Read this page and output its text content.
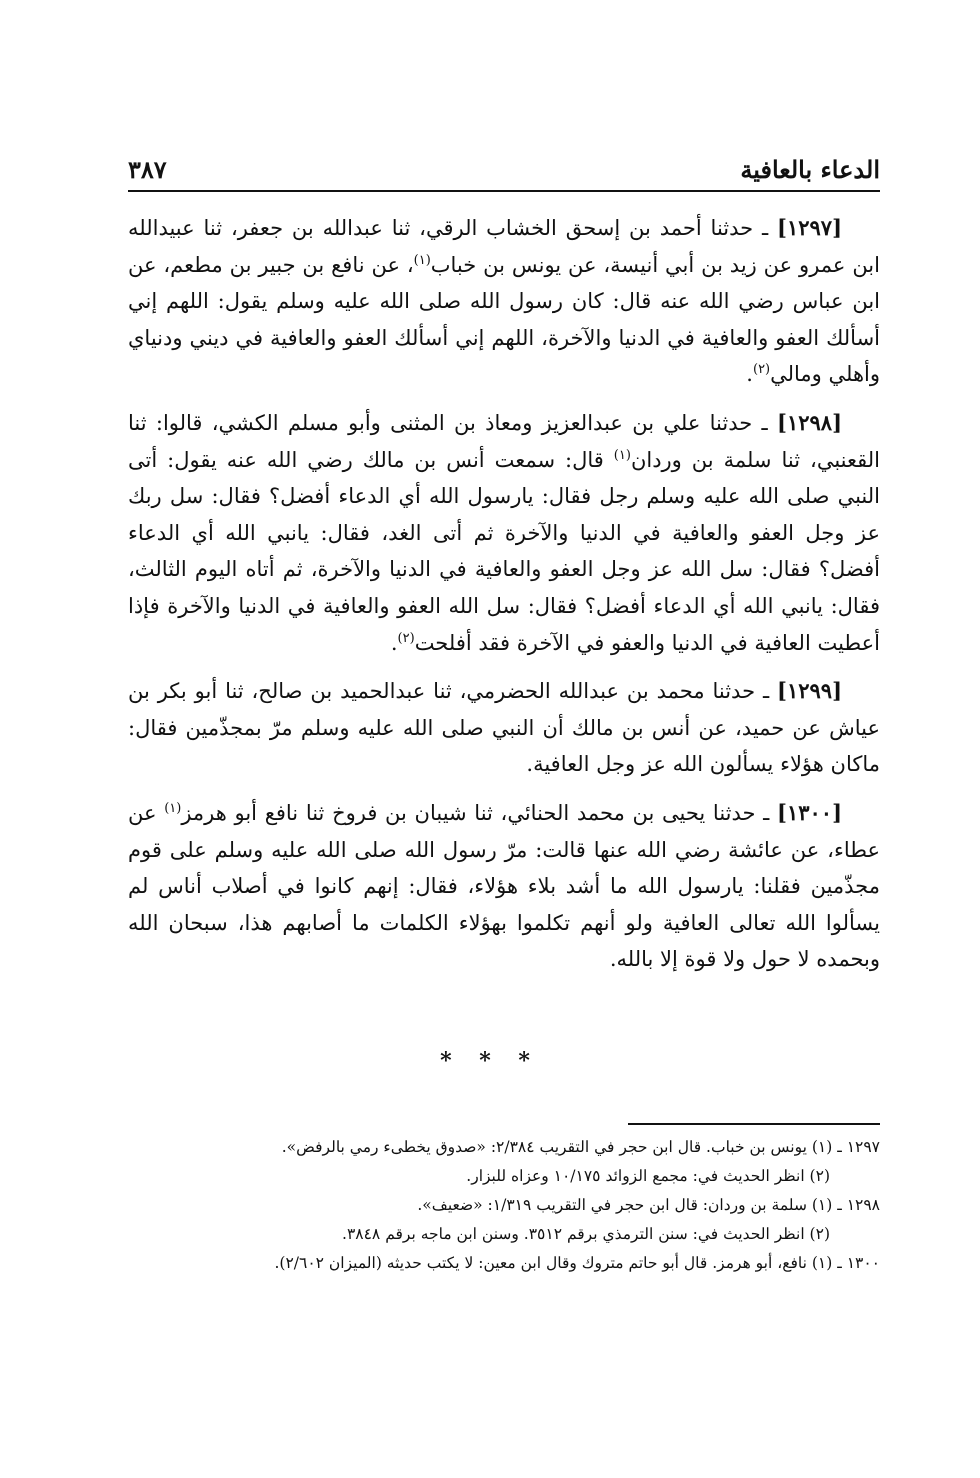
الدعاء بالعافية
٣٨٧

[١٢٩٧] ـ حدثنا أحمد بن إسحق الخشاب الرقي، ثنا عبدالله بن جعفر، ثنا عبيدالله ابن عمرو عن زيد بن أبي أنيسة، عن يونس بن خباب$^{(١)}$، عن نافع بن جبير بن مطعم، عن ابن عباس رضي الله عنه قال: كان رسول الله صلى الله عليه وسلم يقول: اللهم إني أسألك العفو والعافية في الدنيا والآخرة، اللهم إني أسألك العفو والعافية في ديني ودنياي وأهلي ومالي$^{(٢)}$.

[١٢٩٨] ـ حدثنا علي بن عبدالعزيز ومعاذ بن المثنى وأبو مسلم الكشي، قالوا: ثنا القعنبي، ثنا سلمة بن وردان$^{(١)}$ قال: سمعت أنس بن مالك رضي الله عنه يقول: أتى النبي صلى الله عليه وسلم رجل فقال: يارسول الله أي الدعاء أفضل؟ فقال: سل ربك عز وجل العفو والعافية في الدنيا والآخرة ثم أتى الغد، فقال: يانبي الله أي الدعاء أفضل؟ فقال: سل الله عز وجل العفو والعافية في الدنيا والآخرة، ثم أتاه اليوم الثالث، فقال: يانبي الله أي الدعاء أفضل؟ فقال: سل الله العفو والعافية في الدنيا والآخرة فإذا أعطيت العافية في الدنيا والعفو في الآخرة فقد أفلحت$^{(٢)}$.

[١٢٩٩] ـ حدثنا محمد بن عبدالله الحضرمي، ثنا عبدالحميد بن صالح، ثنا أبو بكر بن عياش عن حميد، عن أنس بن مالك أن النبي صلى الله عليه وسلم مرّ بمجذّمين فقال: ماكان هؤلاء يسألون الله عز وجل العافية.

[١٣٠٠] ـ حدثنا يحيى بن محمد الحنائي، ثنا شيبان بن فروخ ثنا نافع أبو هرمز$^{(١)}$ عن عطاء، عن عائشة رضي الله عنها قالت: مرّ رسول الله صلى الله عليه وسلم على قوم مجذّمين فقلنا: يارسول الله ما أشد بلاء هؤلاء، فقال: إنهم كانوا في أصلاب أناس لم يسألوا الله تعالى العافية ولو أنهم تكلموا بهؤلاء الكلمات ما أصابهم هذا، سبحان الله وبحمده لا حول ولا قوة إلا بالله.

* * *

١٢٩٧ ـ (١) يونس بن خباب. قال ابن حجر في التقريب ٢/٣٨٤: «صدوق يخطىء رمي بالرفض».

(٢) انظر الحديث في: مجمع الزوائد ١٠/١٧٥ وعزاه للبزار.

١٢٩٨ ـ (١) سلمة بن وردان: قال ابن حجر في التقريب ١/٣١٩: «ضعيف».

(٢) انظر الحديث في: سنن الترمذي برقم ٣٥١٢. وسنن ابن ماجه برقم ٣٨٤٨.

١٣٠٠ ـ (١) نافع، أبو هرمز. قال أبو حاتم متروك وقال ابن معين: لا يكتب حديثه (الميزان ٢/٦٠٢).
